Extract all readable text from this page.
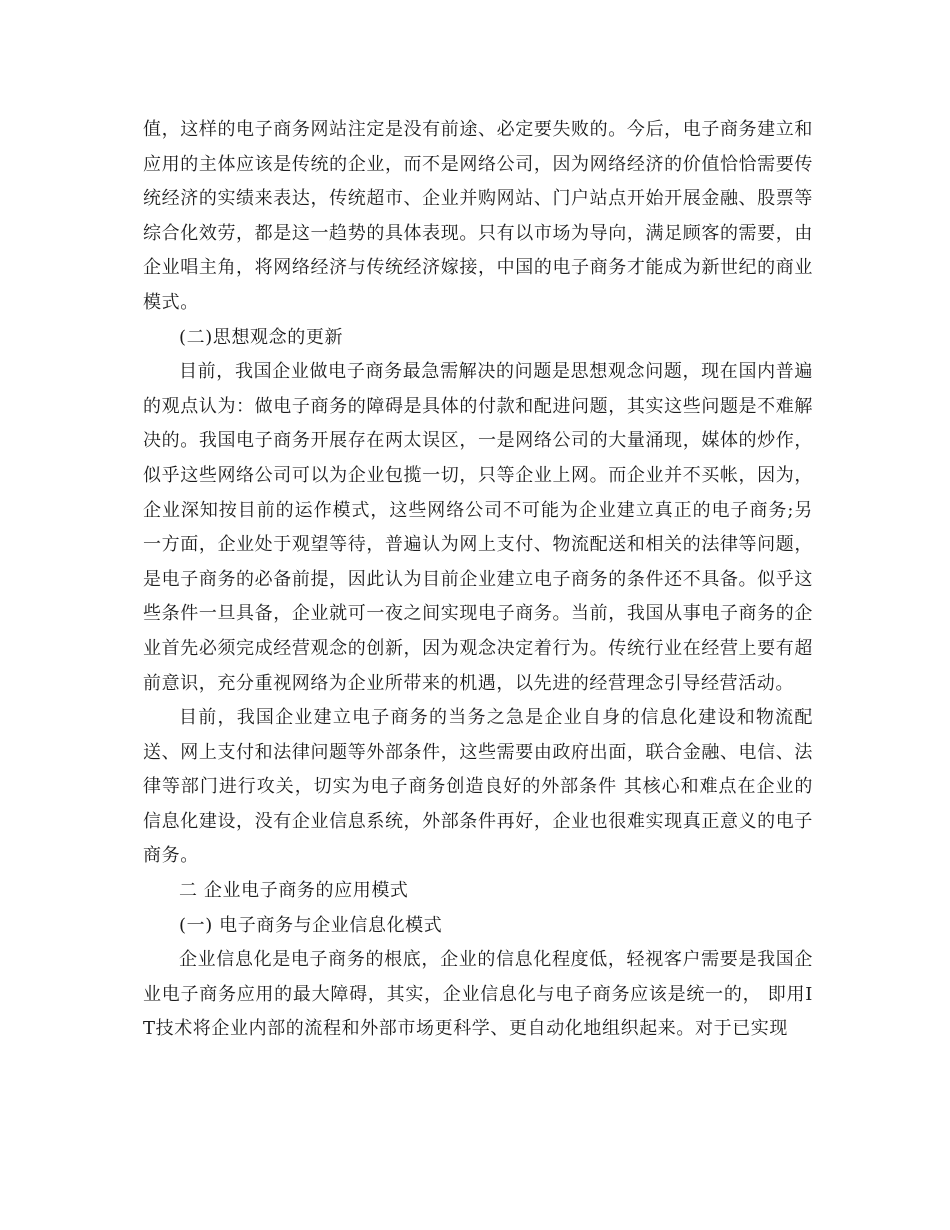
值，这样的电子商务网站注定是没有前途、必定要失败的。今后，电子商务建立和应用的主体应该是传统的企业，而不是网络公司，因为网络经济的价值恰恰需要传统经济的实绩来表达，传统超市、企业并购网站、门户站点开始开展金融、股票等综合化效劳，都是这一趋势的具体表现。只有以市场为导向，满足顾客的需要，由企业唱主角，将网络经济与传统经济嫁接，中国的电子商务才能成为新世纪的商业模式。

(二)思想观念的更新

目前，我国企业做电子商务最急需解决的问题是思想观念问题，现在国内普遍的观点认为：做电子商务的障碍是具体的付款和配进问题，其实这些问题是不难解决的。我国电子商务开展存在两太误区，一是网络公司的大量涌现，媒体的炒作，似乎这些网络公司可以为企业包揽一切，只等企业上网。而企业并不买帐，因为，企业深知按目前的运作模式，这些网络公司不可能为企业建立真正的电子商务;另一方面，企业处于观望等待，普遍认为网上支付、物流配送和相关的法律等问题，是电子商务的必备前提，因此认为目前企业建立电子商务的条件还不具备。似乎这些条件一旦具备，企业就可一夜之间实现电子商务。当前，我国从事电子商务的企业首先必须完成经营观念的创新，因为观念决定着行为。传统行业在经营上要有超前意识，充分重视网络为企业所带来的机遇，以先进的经营理念引导经营活动。

目前，我国企业建立电子商务的当务之急是企业自身的信息化建设和物流配送、网上支付和法律问题等外部条件，这些需要由政府出面，联合金融、电信、法律等部门进行攻关，切实为电子商务创造良好的外部条件 其核心和难点在企业的信息化建设，没有企业信息系统，外部条件再好，企业也很难实现真正意义的电子商务。

二 企业电子商务的应用模式

(一) 电子商务与企业信息化模式

企业信息化是电子商务的根底，企业的信息化程度低，轻视客户需要是我国企业电子商务应用的最大障碍，其实，企业信息化与电子商务应该是统一的， 即用IT技术将企业内部的流程和外部市场更科学、更自动化地组织起来。对于已实现
